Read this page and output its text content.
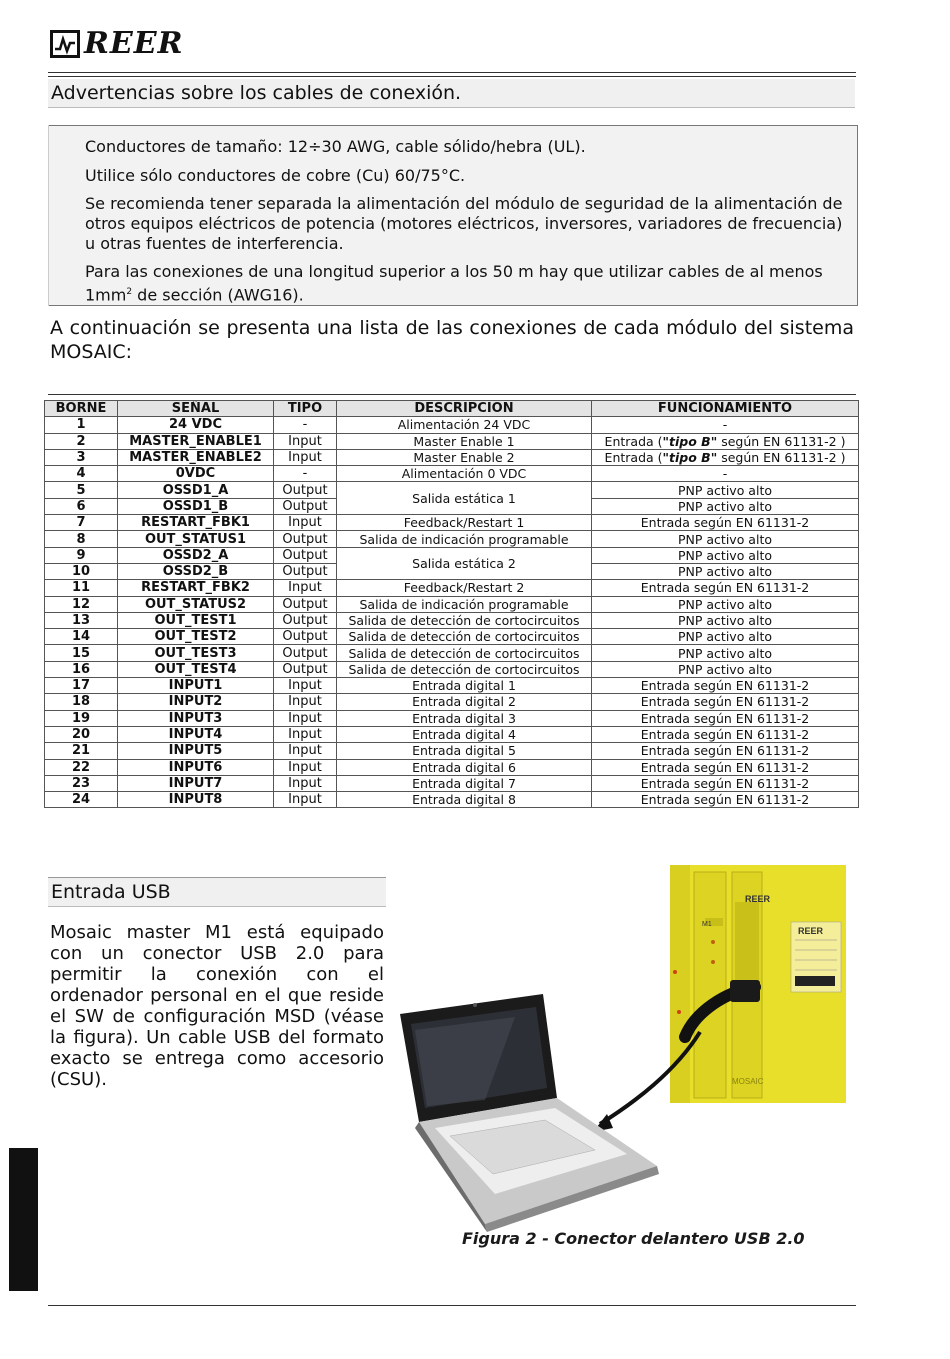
REER
Advertencias sobre los cables de conexión.

Conductores de tamaño: 12÷30 AWG, cable sólido/hebra (UL).

Utilice sólo conductores de cobre (Cu) 60/75°C.

Se recomienda tener separada la alimentación del módulo de seguridad de la alimentación de otros equipos eléctricos de potencia (motores eléctricos, inversores, variadores de frecuencia) u otras fuentes de interferencia.

Para las conexiones de una longitud superior a los 50 m hay que utilizar cables de al menos $1mm^2$ de sección (AWG16).

A continuación se presenta una lista de las conexiones de cada módulo del sistema MOSAIC:
BORNE	SEÑAL	TIPO	DESCRIPCIÓN	FUNCIONAMIENTO
1	24 VDC	-	Alimentación 24 VDC	-
2	MASTER_ENABLE1	Input	Master Enable 1	Entrada ("tipo B" según EN 61131-2 )
3	MASTER_ENABLE2	Input	Master Enable 2	Entrada ("tipo B" según EN 61131-2 )
4	0VDC	-	Alimentación 0 VDC	-
5	OSSD1_A	Output	Salida estática 1	PNP activo alto
6	OSSD1_B	Output		PNP activo alto
7	RESTART_FBK1	Input	Feedback/Restart 1	Entrada según EN 61131-2
8	OUT_STATUS1	Output	Salida de indicación programable	PNP activo alto
9	OSSD2_A	Output	Salida estática 2	PNP activo alto
10	OSSD2_B	Output		PNP activo alto
11	RESTART_FBK2	Input	Feedback/Restart 2	Entrada según EN 61131-2
12	OUT_STATUS2	Output	Salida de indicación programable	PNP activo alto
13	OUT_TEST1	Output	Salida de detección de cortocircuitos	PNP activo alto
14	OUT_TEST2	Output	Salida de detección de cortocircuitos	PNP activo alto
15	OUT_TEST3	Output	Salida de detección de cortocircuitos	PNP activo alto
16	OUT_TEST4	Output	Salida de detección de cortocircuitos	PNP activo alto
17	INPUT1	Input	Entrada digital 1	Entrada según EN 61131-2
18	INPUT2	Input	Entrada digital 2	Entrada según EN 61131-2
19	INPUT3	Input	Entrada digital 3	Entrada según EN 61131-2
20	INPUT4	Input	Entrada digital 4	Entrada según EN 61131-2
21	INPUT5	Input	Entrada digital 5	Entrada según EN 61131-2
22	INPUT6	Input	Entrada digital 6	Entrada según EN 61131-2
23	INPUT7	Input	Entrada digital 7	Entrada según EN 61131-2
24	INPUT8	Input	Entrada digital 8	Entrada según EN 61131-2
Entrada USB

Mosaic master M1 está equipado con un conector USB 2.0 para permitir la conexión con el ordenador personal en el que reside el SW de configuración MSD (véase la figura). Un cable USB del formato exacto se entrega como accesorio (CSU).

REER
REER
M1
MOSAIC
Figura 2 - Conector delantero USB 2.0
Español
